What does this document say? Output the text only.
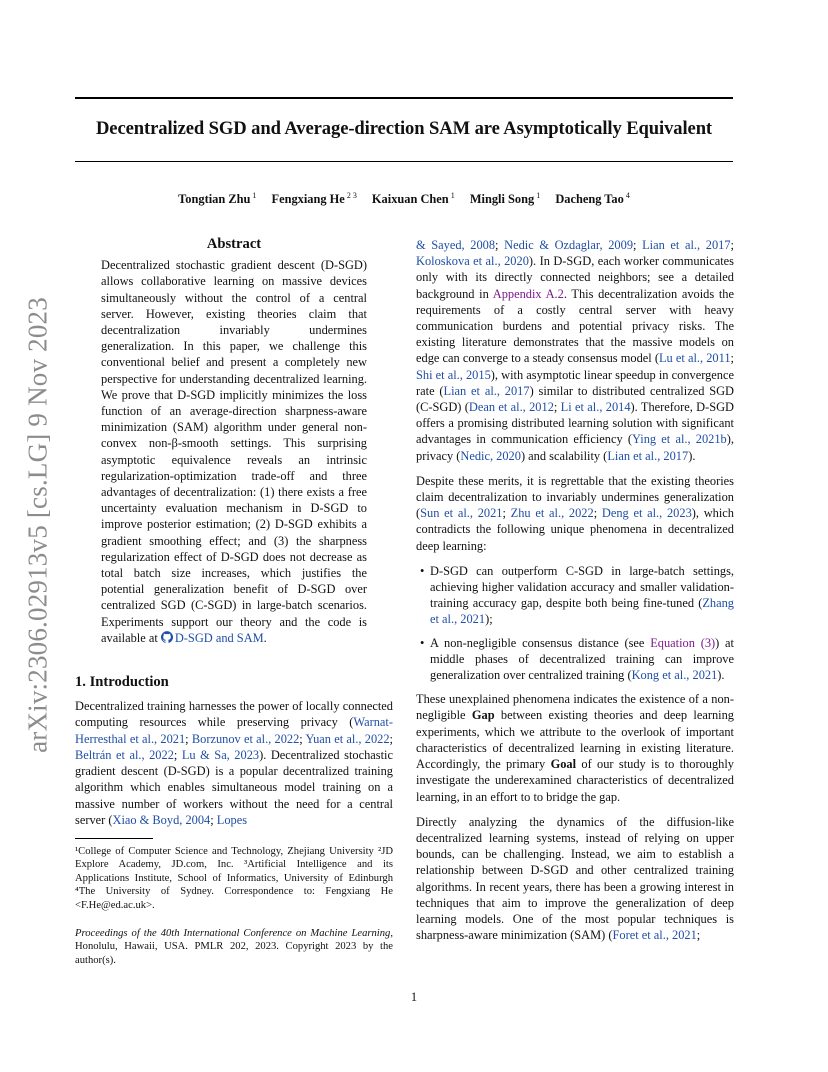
Decentralized SGD and Average-direction SAM are Asymptotically Equivalent
Tongtian Zhu $^1$ Fengxiang He $^{2 3}$ Kaixuan Chen $^1$ Mingli Song $^1$ Dacheng Tao $^4$
arXiv:2306.02913v5 [cs.LG] 9 Nov 2023
Abstract

Decentralized stochastic gradient descent (D-SGD) allows collaborative learning on massive devices simultaneously without the control of a central server. However, existing theories claim that decentralization invariably undermines generalization. In this paper, we challenge this conventional belief and present a completely new perspective for understanding decentralized learning. We prove that D-SGD implicitly minimizes the loss function of an average-direction sharpness-aware minimization (SAM) algorithm under general non-convex non-β-smooth settings. This surprising asymptotic equivalence reveals an intrinsic regularization-optimization trade-off and three advantages of decentralization: (1) there exists a free uncertainty evaluation mechanism in D-SGD to improve posterior estimation; (2) D-SGD exhibits a gradient smoothing effect; and (3) the sharpness regularization effect of D-SGD does not decrease as total batch size increases, which justifies the potential generalization benefit of D-SGD over centralized SGD (C-SGD) in large-batch scenarios. Experiments support our theory and the code is available at D-SGD and SAM.

1. Introduction

Decentralized training harnesses the power of locally connected computing resources while preserving privacy (Warnat-Herresthal et al., 2021; Borzunov et al., 2022; Yuan et al., 2022; Beltrán et al., 2022; Lu & Sa, 2023). Decentralized stochastic gradient descent (D-SGD) is a popular decentralized training algorithm which enables simultaneous model training on a massive number of workers without the need for a central server (Xiao & Boyd, 2004; Lopes

¹College of Computer Science and Technology, Zhejiang University ²JD Explore Academy, JD.com, Inc. ³Artificial Intelligence and its Applications Institute, School of Informatics, University of Edinburgh ⁴The University of Sydney. Correspondence to: Fengxiang He <F.He@ed.ac.uk>.

Proceedings of the 40th International Conference on Machine Learning, Honolulu, Hawaii, USA. PMLR 202, 2023. Copyright 2023 by the author(s).

& Sayed, 2008; Nedic & Ozdaglar, 2009; Lian et al., 2017; Koloskova et al., 2020). In D-SGD, each worker communicates only with its directly connected neighbors; see a detailed background in Appendix A.2. This decentralization avoids the requirements of a costly central server with heavy communication burdens and potential privacy risks. The existing literature demonstrates that the massive models on edge can converge to a steady consensus model (Lu et al., 2011; Shi et al., 2015), with asymptotic linear speedup in convergence rate (Lian et al., 2017) similar to distributed centralized SGD (C-SGD) (Dean et al., 2012; Li et al., 2014). Therefore, D-SGD offers a promising distributed learning solution with significant advantages in communication efficiency (Ying et al., 2021b), privacy (Nedic, 2020) and scalability (Lian et al., 2017).

Despite these merits, it is regrettable that the existing theories claim decentralization to invariably undermines generalization (Sun et al., 2021; Zhu et al., 2022; Deng et al., 2023), which contradicts the following unique phenomena in decentralized deep learning:

• D-SGD can outperform C-SGD in large-batch settings, achieving higher validation accuracy and smaller validation-training accuracy gap, despite both being fine-tuned (Zhang et al., 2021);
• A non-negligible consensus distance (see Equation (3)) at middle phases of decentralized training can improve generalization over centralized training (Kong et al., 2021).

These unexplained phenomena indicates the existence of a non-negligible Gap between existing theories and deep learning experiments, which we attribute to the overlook of important characteristics of decentralized learning in existing literature. Accordingly, the primary Goal of our study is to thoroughly investigate the underexamined characteristics of decentralized learning, in an effort to to bridge the gap.

Directly analyzing the dynamics of the diffusion-like decentralized learning systems, instead of relying on upper bounds, can be challenging. Instead, we aim to establish a relationship between D-SGD and other centralized training algorithms. In recent years, there has been a growing interest in techniques that aim to improve the generalization of deep learning models. One of the most popular techniques is sharpness-aware minimization (SAM) (Foret et al., 2021;

1
